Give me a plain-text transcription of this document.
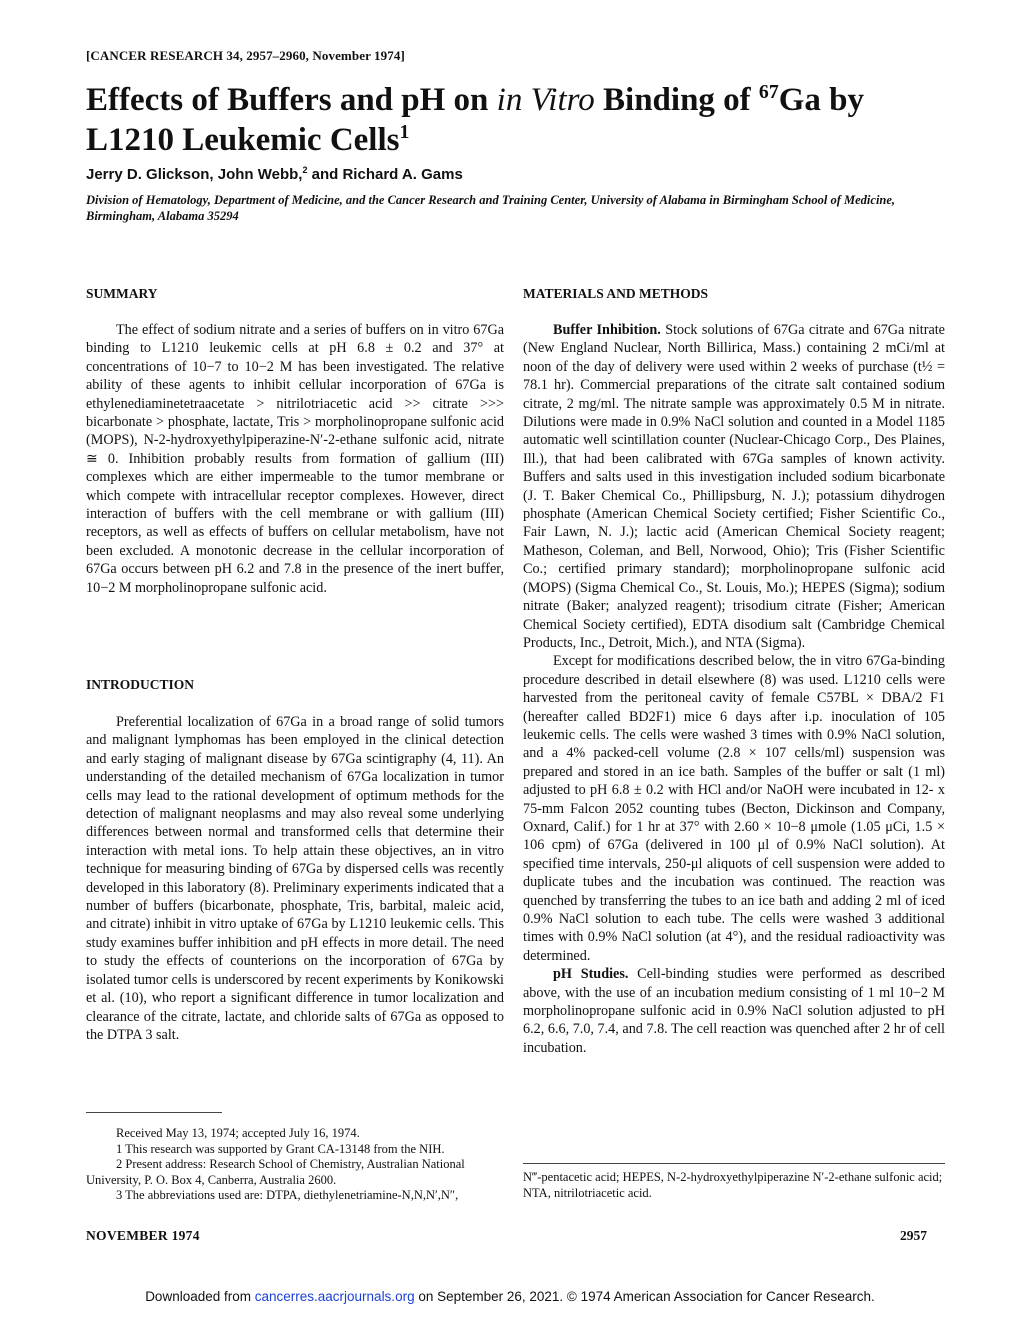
[CANCER RESEARCH 34, 2957–2960, November 1974]
Effects of Buffers and pH on in Vitro Binding of $^{67}$Ga by L1210 Leukemic Cells$^1$
Jerry D. Glickson, John Webb,$^2$ and Richard A. Gams
Division of Hematology, Department of Medicine, and the Cancer Research and Training Center, University of Alabama in Birmingham School of Medicine, Birmingham, Alabama 35294
SUMMARY

The effect of sodium nitrate and a series of buffers on in vitro 67Ga binding to L1210 leukemic cells at pH 6.8 ± 0.2 and 37° at concentrations of 10−7 to 10−2 M has been investigated. The relative ability of these agents to inhibit cellular incorporation of 67Ga is ethylenediaminetetraacetate > nitrilotriacetic acid >> citrate >>> bicarbonate > phosphate, lactate, Tris > morpholinopropane sulfonic acid (MOPS), N-2-hydroxyethylpiperazine-N′-2-ethane sulfonic acid, nitrate ≅ 0. Inhibition probably results from formation of gallium (III) complexes which are either impermeable to the tumor membrane or which compete with intracellular receptor complexes. However, direct interaction of buffers with the cell membrane or with gallium (III) receptors, as well as effects of buffers on cellular metabolism, have not been excluded. A monotonic decrease in the cellular incorporation of 67Ga occurs between pH 6.2 and 7.8 in the presence of the inert buffer, 10−2 M morpholinopropane sulfonic acid.

INTRODUCTION

Preferential localization of 67Ga in a broad range of solid tumors and malignant lymphomas has been employed in the clinical detection and early staging of malignant disease by 67Ga scintigraphy (4, 11). An understanding of the detailed mechanism of 67Ga localization in tumor cells may lead to the rational development of optimum methods for the detection of malignant neoplasms and may also reveal some underlying differences between normal and transformed cells that determine their interaction with metal ions. To help attain these objectives, an in vitro technique for measuring binding of 67Ga by dispersed cells was recently developed in this laboratory (8). Preliminary experiments indicated that a number of buffers (bicarbonate, phosphate, Tris, barbital, maleic acid, and citrate) inhibit in vitro uptake of 67Ga by L1210 leukemic cells. This study examines buffer inhibition and pH effects in more detail. The need to study the effects of counterions on the incorporation of 67Ga by isolated tumor cells is underscored by recent experiments by Konikowski et al. (10), who report a significant difference in tumor localization and clearance of the citrate, lactate, and chloride salts of 67Ga as opposed to the DTPA 3 salt.

Received May 13, 1974; accepted July 16, 1974.

1 This research was supported by Grant CA-13148 from the NIH.

2 Present address: Research School of Chemistry, Australian National University, P. O. Box 4, Canberra, Australia 2600.

3 The abbreviations used are: DTPA, diethylenetriamine-N,N,N′,N″,

MATERIALS AND METHODS

Buffer Inhibition. Stock solutions of 67Ga citrate and 67Ga nitrate (New England Nuclear, North Billirica, Mass.) containing 2 mCi/ml at noon of the day of delivery were used within 2 weeks of purchase (t½ = 78.1 hr). Commercial preparations of the citrate salt contained sodium citrate, 2 mg/ml. The nitrate sample was approximately 0.5 M in nitrate. Dilutions were made in 0.9% NaCl solution and counted in a Model 1185 automatic well scintillation counter (Nuclear-Chicago Corp., Des Plaines, Ill.), that had been calibrated with 67Ga samples of known activity. Buffers and salts used in this investigation included sodium bicarbonate (J. T. Baker Chemical Co., Phillipsburg, N. J.); potassium dihydrogen phosphate (American Chemical Society certified; Fisher Scientific Co., Fair Lawn, N. J.); lactic acid (American Chemical Society reagent; Matheson, Coleman, and Bell, Norwood, Ohio); Tris (Fisher Scientific Co.; certified primary standard); morpholinopropane sulfonic acid (MOPS) (Sigma Chemical Co., St. Louis, Mo.); HEPES (Sigma); sodium nitrate (Baker; analyzed reagent); trisodium citrate (Fisher; American Chemical Society certified), EDTA disodium salt (Cambridge Chemical Products, Inc., Detroit, Mich.), and NTA (Sigma).

Except for modifications described below, the in vitro 67Ga-binding procedure described in detail elsewhere (8) was used. L1210 cells were harvested from the peritoneal cavity of female C57BL × DBA/2 F1 (hereafter called BD2F1) mice 6 days after i.p. inoculation of 105 leukemic cells. The cells were washed 3 times with 0.9% NaCl solution, and a 4% packed-cell volume (2.8 × 107 cells/ml) suspension was prepared and stored in an ice bath. Samples of the buffer or salt (1 ml) adjusted to pH 6.8 ± 0.2 with HCl and/or NaOH were incubated in 12- x 75-mm Falcon 2052 counting tubes (Becton, Dickinson and Company, Oxnard, Calif.) for 1 hr at 37° with 2.60 × 10−8 μmole (1.05 μCi, 1.5 × 106 cpm) of 67Ga (delivered in 100 μl of 0.9% NaCl solution). At specified time intervals, 250-μl aliquots of cell suspension were added to duplicate tubes and the incubation was continued. The reaction was quenched by transferring the tubes to an ice bath and adding 2 ml of iced 0.9% NaCl solution to each tube. The cells were washed 3 additional times with 0.9% NaCl solution (at 4°), and the residual radioactivity was determined.

pH Studies. Cell-binding studies were performed as described above, with the use of an incubation medium consisting of 1 ml 10−2 M morpholinopropane sulfonic acid in 0.9% NaCl solution adjusted to pH 6.2, 6.6, 7.0, 7.4, and 7.8. The cell reaction was quenched after 2 hr of cell incubation.

N‴-pentacetic acid; HEPES, N-2-hydroxyethylpiperazine N′-2-ethane sulfonic acid; NTA, nitrilotriacetic acid.
NOVEMBER 1974	2957
Downloaded from cancerres.aacrjournals.org on September 26, 2021. © 1974 American Association for Cancer Research.
